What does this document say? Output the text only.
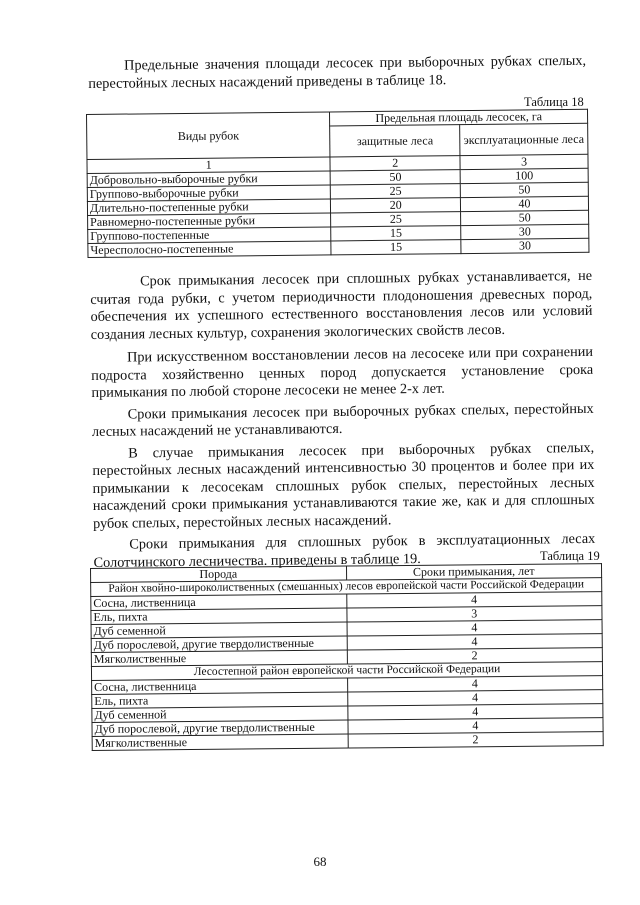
Предельные значения площади лесосек при выборочных рубках спелых, перестойных лесных насаждений приведены в таблице 18.

Таблица 18
Виды рубок	Предельная площадь лесосек, га	
	защитные леса	эксплуатационные леса
1	2	3
Добровольно-выборочные рубки	50	100
Группово-выборочные рубки	25	50
Длительно-постепенные рубки	20	40
Равномерно-постепенные рубки	25	50
Группово-постепенные	15	30
Чересполосно-постепенные	15	30

Срок примыкания лесосек при сплошных рубках устанавливается, не считая года рубки, с учетом периодичности плодоношения древесных пород, обеспечения их успешного естественного восстановления лесов или условий создания лесных культур, сохранения экологических свойств лесов.

При искусственном восстановлении лесов на лесосеке или при сохранении подроста хозяйственно ценных пород допускается установление срока примыкания по любой стороне лесосеки не менее 2-х лет.

Сроки примыкания лесосек при выборочных рубках спелых, перестойных лесных насаждений не устанавливаются.

В случае примыкания лесосек при выборочных рубках спелых, перестойных лесных насаждений интенсивностью 30 процентов и более при их примыкании к лесосекам сплошных рубок спелых, перестойных лесных насаждений сроки примыкания устанавливаются такие же, как и для сплошных рубок спелых, перестойных лесных насаждений.

Сроки примыкания для сплошных рубок в эксплуатационных лесах Солотчинского лесничества. приведены в таблице 19.	Таблица 19
Порода	Сроки примыкания, лет
Район хвойно-широколиственных (смешанных) лесов европейской части Российской Федерации	
Сосна, лиственница	4
Ель, пихта	3
Дуб семенной	4
Дуб порослевой, другие твердолиственные	4
Мягколиственные	2
Лесостепной район европейской части Российской Федерации	
Сосна, лиственница	4
Ель, пихта	4
Дуб семенной	4
Дуб порослевой, другие твердолиственные	4
Мягколиственные	2
68
